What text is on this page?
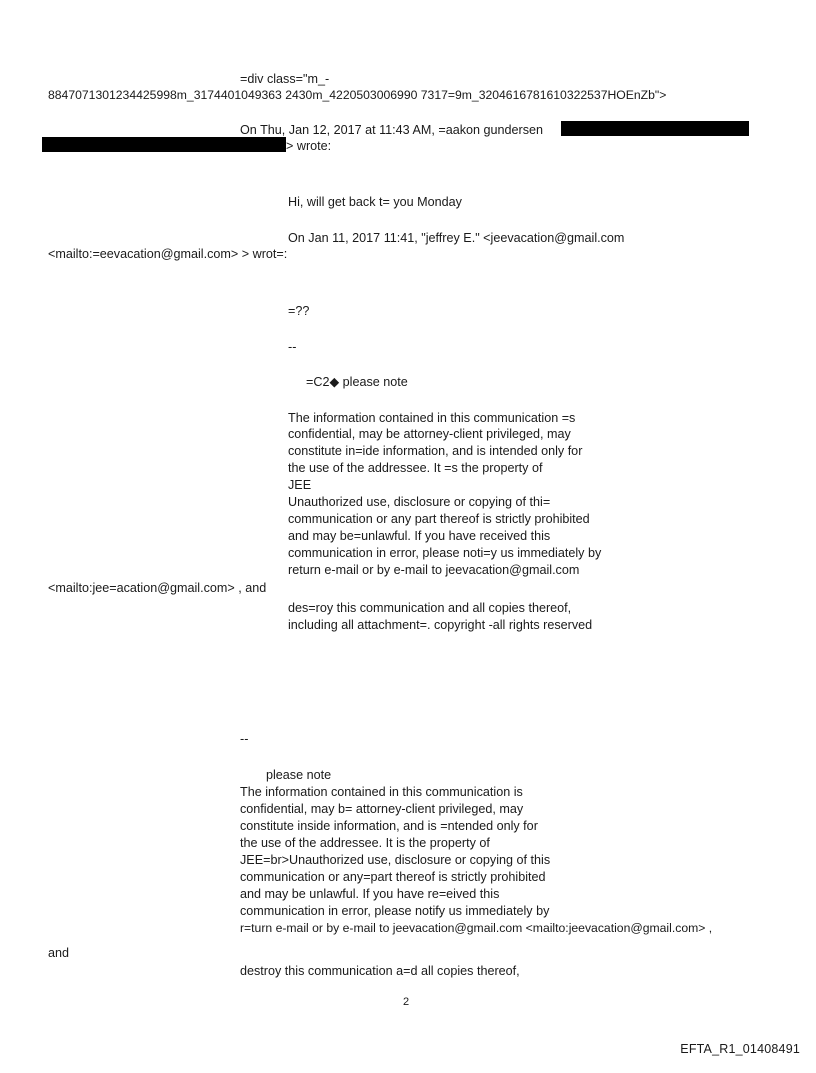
=div class="m_-
8847071301234425998m_3174401049363 2430m_4220503006990 7317=9m_3204616781610322537HOEnZb">
On Thu, Jan 12, 2017 at 11:43 AM, =aakon gundersen
> wrote:
Hi, will get back t= you Monday
On Jan 11, 2017 11:41, "jeffrey E." <jeevacation@gmail.com
<mailto:=eevacation@gmail.com> > wrot=:
=??
--
=C2◆ please note
The information contained in this communication =s
confidential, may be attorney-client privileged, may
constitute in=ide information, and is intended only for
the use of the addressee. It =s the property of
JEE
Unauthorized use, disclosure or copying of thi=
communication or any part thereof is strictly prohibited
and may be=unlawful. If you have received this
communication in error, please noti=y us immediately by
return e-mail or by e-mail to jeevacation@gmail.com
<mailto:jee=acation@gmail.com> , and
des=roy this communication and all copies thereof,
including all attachment=. copyright -all rights reserved
--
please note
The information contained in this communication is
confidential, may b= attorney-client privileged, may
constitute inside information, and is =ntended only for
the use of the addressee. It is the property of
JEE=br>Unauthorized use, disclosure or copying of this
communication or any=part thereof is strictly prohibited
and may be unlawful. If you have re=eived this
communication in error, please notify us immediately by
r=turn e-mail or by e-mail to jeevacation@gmail.com <mailto:jeevacation@gmail.com> ,
and
destroy this communication a=d all copies thereof,
2
EFTA_R1_01408491
